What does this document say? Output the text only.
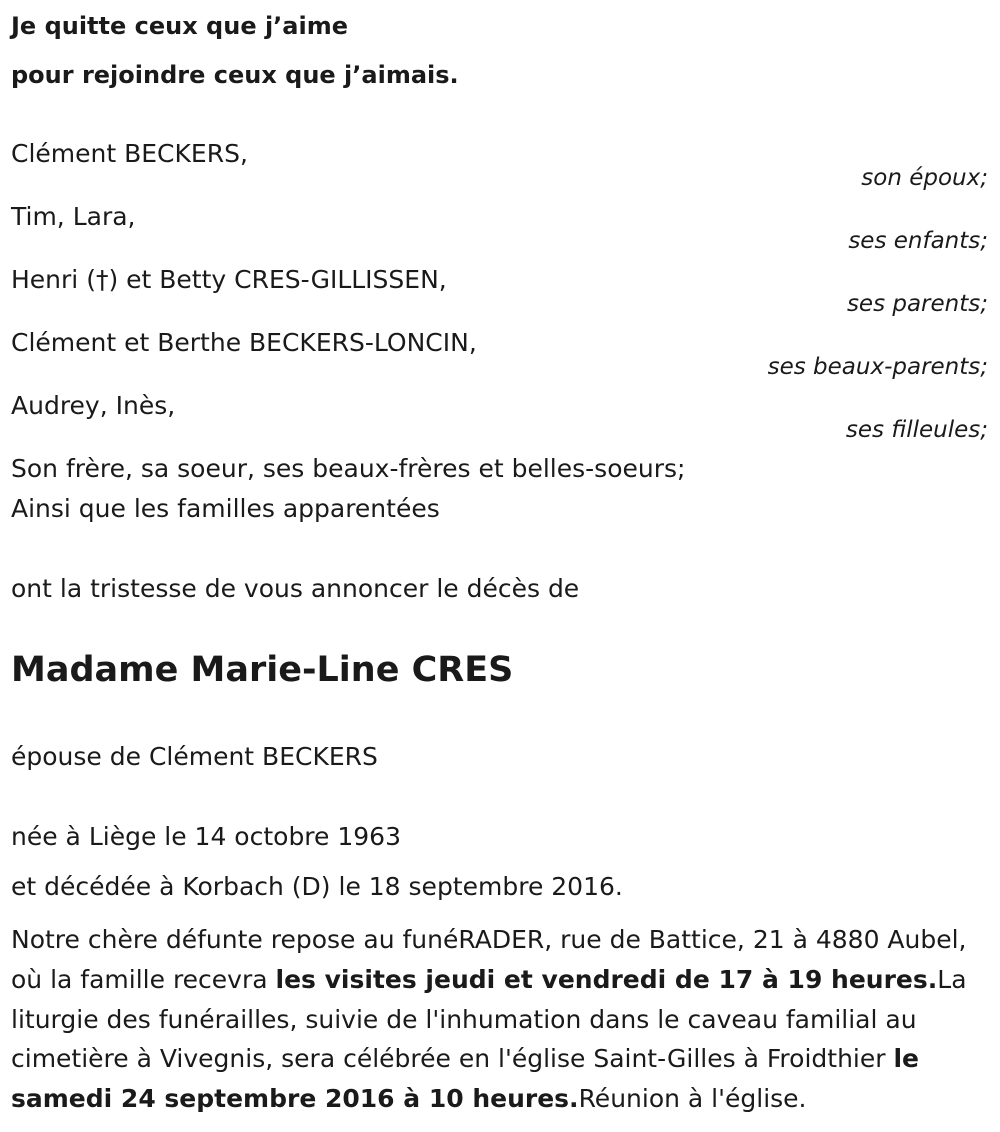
Je quitte ceux que j’aime
pour rejoindre ceux que j’aimais.
Clément BECKERS,
son époux;
Tim, Lara,
ses enfants;
Henri (†) et Betty CRES-GILLISSEN,
ses parents;
Clément et Berthe BECKERS-LONCIN,
ses beaux-parents;
Audrey, Inès,
ses filleules;
Son frère, sa soeur, ses beaux-frères et belles-soeurs;
Ainsi que les familles apparentées
ont la tristesse de vous annoncer le décès de
Madame Marie-Line CRES
épouse de Clément BECKERS
née à Liège le 14 octobre 1963
et décédée à Korbach (D) le 18 septembre 2016.
Notre chère défunte repose au funéRADER, rue de Battice, 21 à 4880 Aubel, où la famille recevra les visites jeudi et vendredi de 17 à 19 heures.La liturgie des funérailles, suivie de l'inhumation dans le caveau familial au cimetière à Vivegnis, sera célébrée en l'église Saint-Gilles à Froidthier le samedi 24 septembre 2016 à 10 heures.Réunion à l'église.
